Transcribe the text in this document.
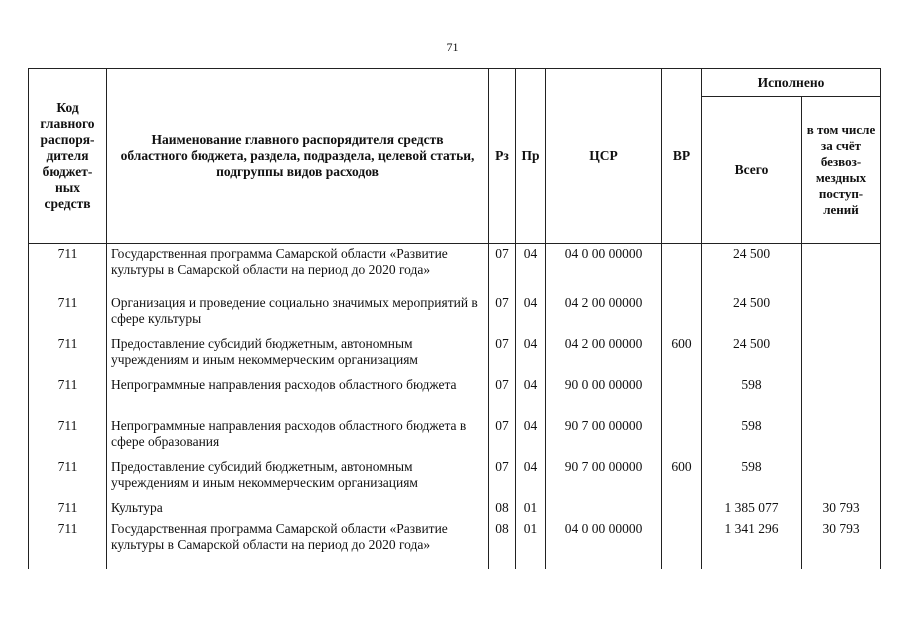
71
Код главного распоря-дителя бюджет-ных средств	Наименование главного распорядителя средств областного бюджета, раздела, подраздела, целевой статьи, подгруппы видов расходов	Рз	Пр	ЦСР	ВР	Исполнено	
						Всего	в том числе за счёт безвоз-мездных поступ-лений
711	Государственная программа Самарской области «Развитие культуры в Самарской области на период до 2020 года»	07	04	04 0 00 00000		24 500	
711	Организация и проведение социально значимых мероприятий в сфере культуры	07	04	04 2 00 00000		24 500	
711	Предоставление субсидий бюджетным, автономным учреждениям и иным некоммерческим организациям	07	04	04 2 00 00000	600	24 500	
711	Непрограммные направления расходов областного бюджета	07	04	90 0 00 00000		598	
711	Непрограммные направления расходов областного бюджета в сфере образования	07	04	90 7 00 00000		598	
711	Предоставление субсидий бюджетным, автономным учреждениям и иным некоммерческим организациям	07	04	90 7 00 00000	600	598	
711	Культура	08	01			1 385 077	30 793
711	Государственная программа Самарской области «Развитие культуры в Самарской области на период до 2020 года»	08	01	04 0 00 00000		1 341 296	30 793
